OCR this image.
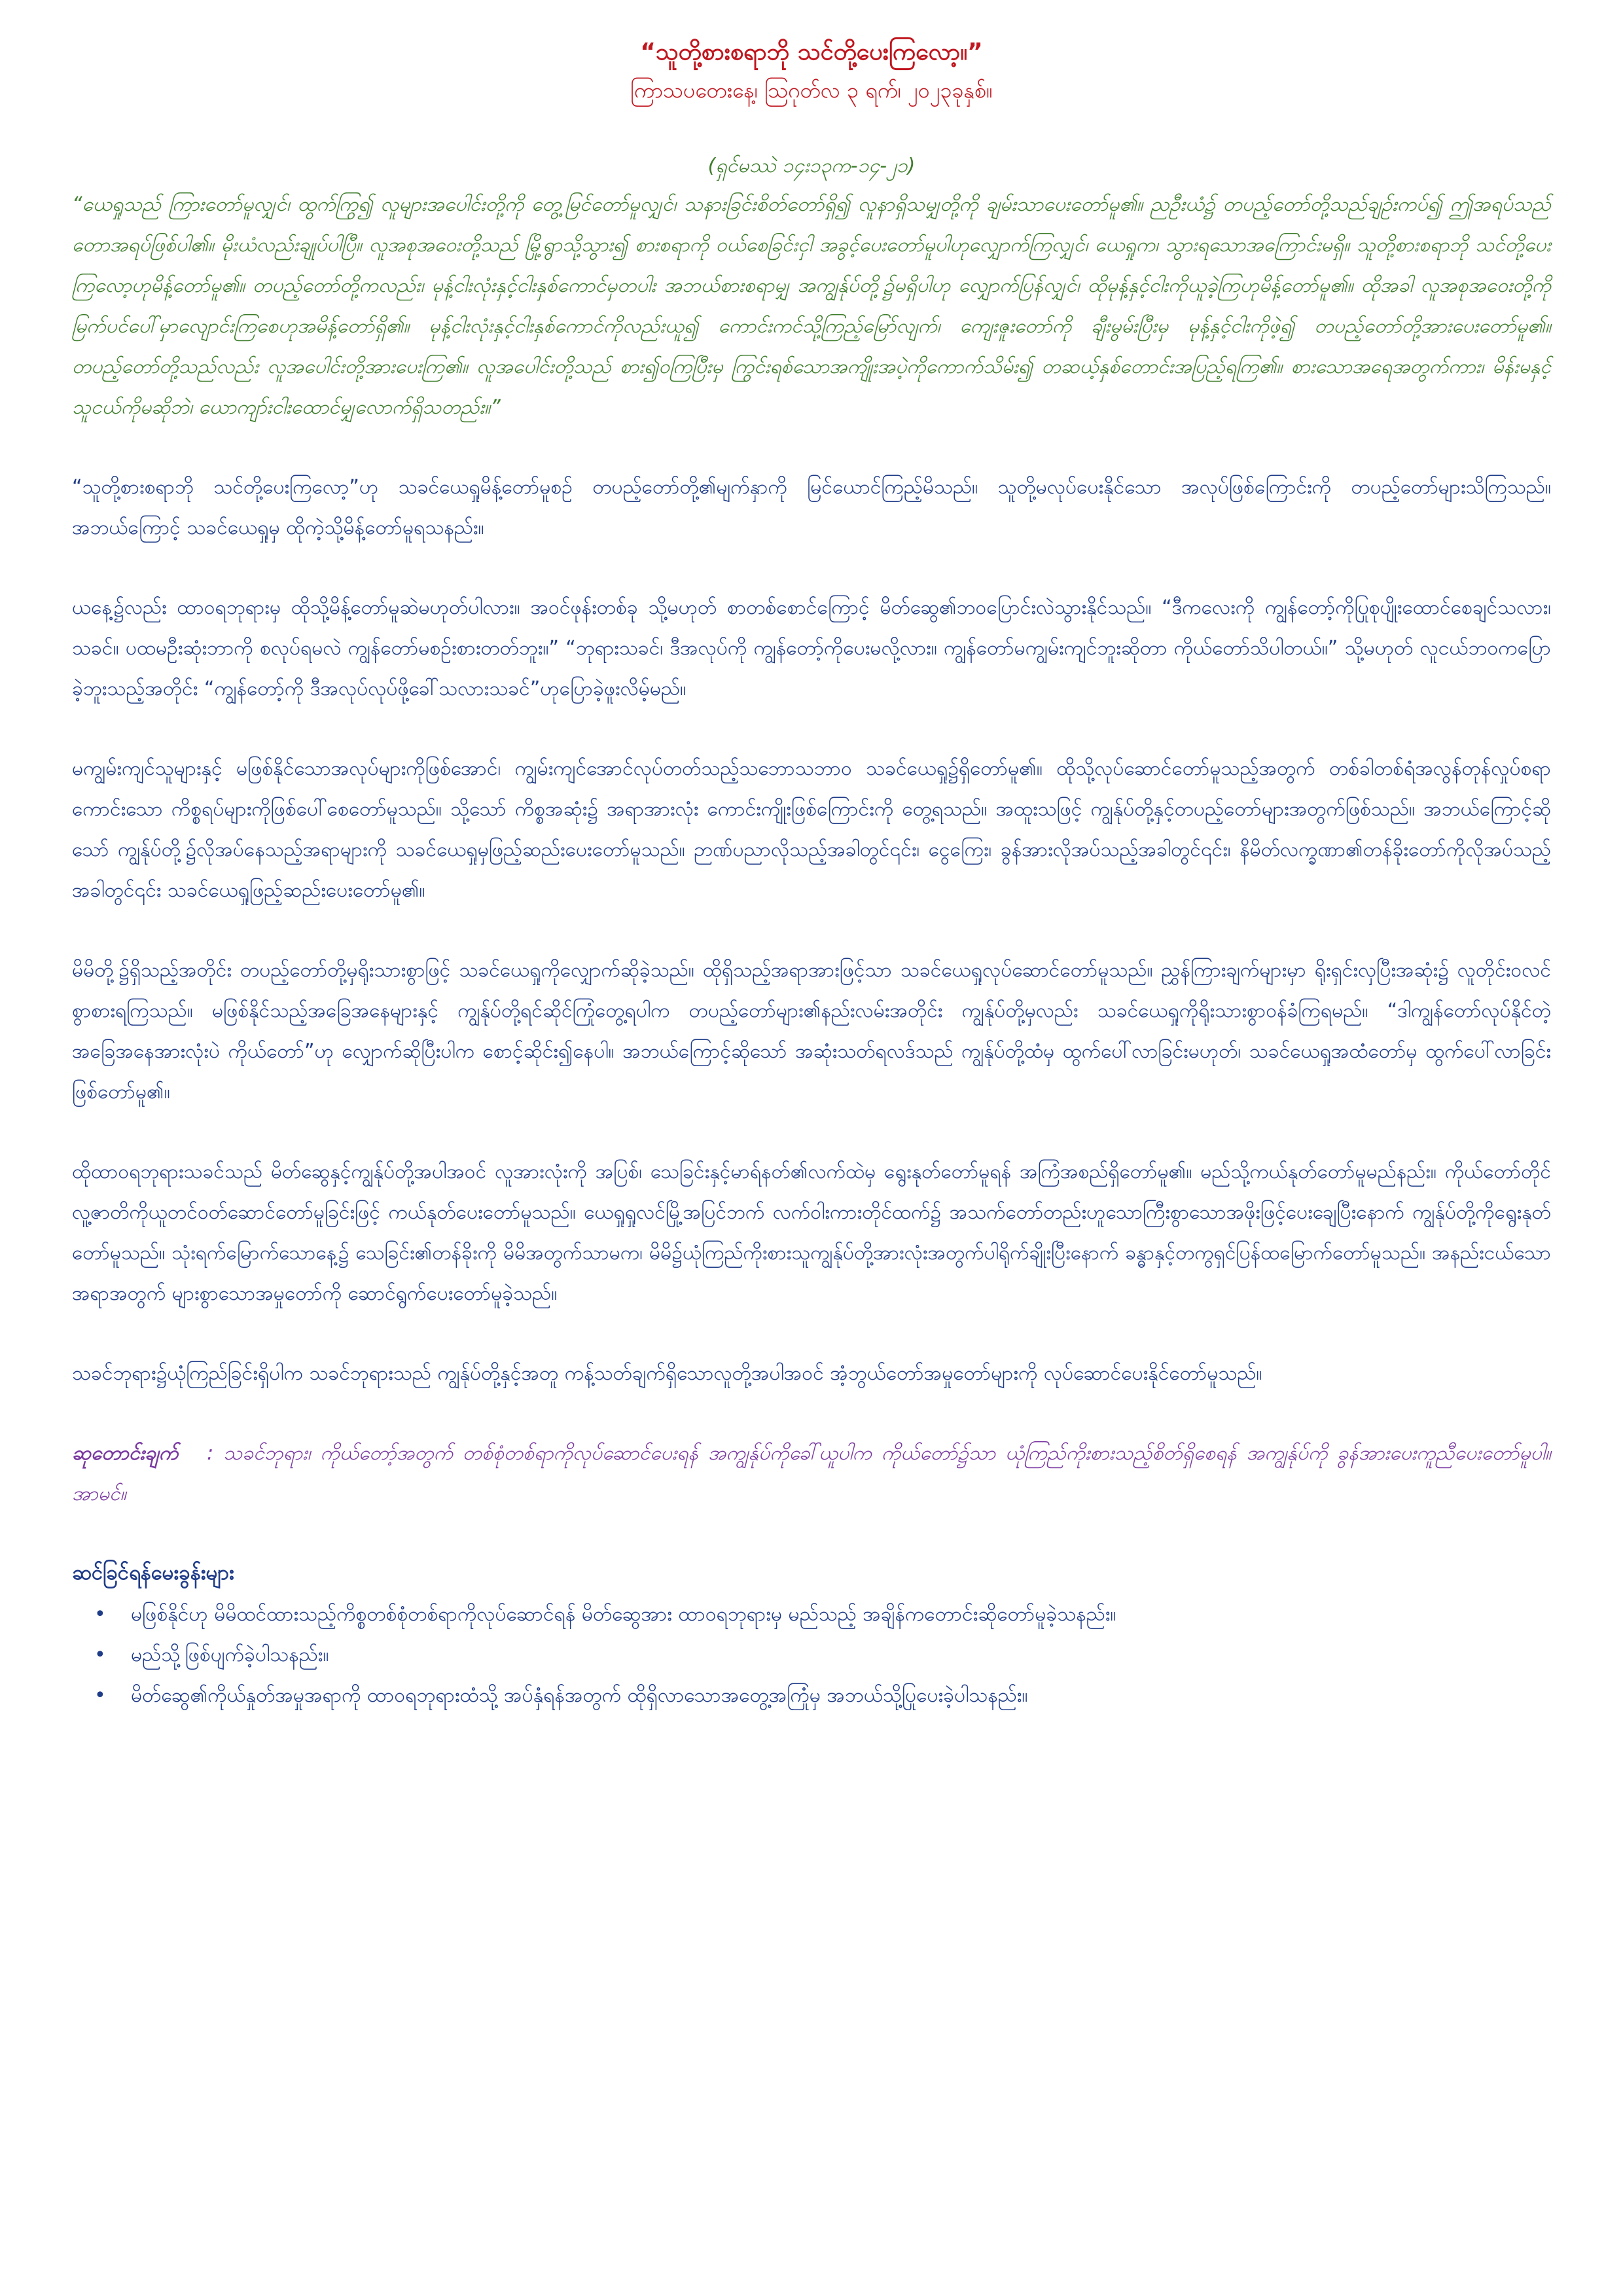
“သူတို့စားစရာဘို သင်တို့ပေးကြလော့။”

ကြာသပတေးနေ့၊ ဩဂုတ်လ ၃ ရက်၊ ၂၀၂၃ခုနှစ်။

(ရှင်မဿဲ ၁၄း၁၃က-၁၄-၂၁)

“ယေရှုသည် ကြားတော်မူလျှင်၊ ထွက်ကြွ၍ လူများအပေါင်းတို့ကို တွေ့မြင်တော်မူလျှင်၊ သနားခြင်းစိတ်တော်ရှိ၍ လူနာရှိသမျှတို့ကို ချမ်းသာပေးတော်မူ၏။ ညဦးယံ၌ တပည့်တော်တို့သည်ချဉ်းကပ်၍ ဤအရပ်သည် တောအရပ်ဖြစ်ပါ၏။ မိုးယံလည်းချုပ်ပါပြီ။ လူအစုအဝေးတို့သည် မြို့ရွာသို့သွား၍ စားစရာကို ဝယ်စေခြင်းငှါ အခွင့်ပေးတော်မူပါဟုလျှောက်ကြလျှင်၊ ယေရှုက၊ သွားရသောအကြောင်းမရှိ။ သူတို့စားစရာဘို သင်တို့ပေးကြလော့ဟုမိန့်တော်မူ၏။ တပည့်တော်တို့ကလည်း၊ မုန့်ငါးလုံးနှင့်ငါးနှစ်ကောင်မှတပါး အဘယ်စားစရာမျှ အကျွန်ုပ်တို့၌မရှိပါဟု လျှောက်ပြန်လျှင်၊ ထိုမုန့်နှင့်ငါးကိုယူခဲ့ကြဟုမိန့်တော်မူ၏။ ထိုအခါ လူအစုအဝေးတို့ကို မြက်ပင်ပေါ်မှာလျောင်းကြစေဟုအမိန့်တော်ရှိ၏။ မုန့်ငါးလုံးနှင့်ငါးနှစ်ကောင်ကိုလည်းယူ၍ ကောင်းကင်သို့ကြည့်မြော်လျက်၊ ကျေးဇူးတော်ကို ချီးမွမ်းပြီးမှ မုန့်နှင့်ငါးကိုဖဲ့၍ တပည့်တော်တို့အားပေးတော်မူ၏။ တပည့်တော်တို့သည်လည်း လူအပေါင်းတို့အားပေးကြ၏။ လူအပေါင်းတို့သည် စား၍ဝကြပြီးမှ ကြွင်းရစ်သောအကျိုးအပဲ့ကိုကောက်သိမ်း၍ တဆယ့်နှစ်တောင်းအပြည့်ရကြ၏။ စားသောအရေအတွက်ကား၊ မိန်းမနှင့်သူငယ်ကိုမဆိုဘဲ၊ ယောကျာ်းငါးထောင်မျှလောက်ရှိသတည်း။”

“သူတို့စားစရာဘို သင်တို့ပေးကြလော့”ဟု သခင်ယေရှုမိန့်တော်မူစဉ် တပည့်တော်တို့၏မျက်နှာကို မြင်ယောင်ကြည့်မိသည်။ သူတို့မလုပ်ပေးနိုင်သော အလုပ်ဖြစ်ကြောင်းကို တပည့်တော်များသိကြသည်။ အဘယ်ကြောင့် သခင်ယေရှုမှ ထိုကဲ့သို့မိန့်တော်မူရသနည်း။

ယနေ့၌လည်း ထာဝရဘုရားမှ ထိုသို့မိန့်တော်မူဆဲမဟုတ်ပါလား။ အဝင်ဖုန်းတစ်ခု သို့မဟုတ် စာတစ်စောင်ကြောင့် မိတ်ဆွေ၏ဘဝပြောင်းလဲသွားနိုင်သည်။ “ဒီကလေးကို ကျွန်တော့်ကိုပြုစုပျိုးထောင်စေချင်သလား၊ သခင်။ ပထမဦးဆုံးဘာကို စလုပ်ရမလဲ ကျွန်တော်မစဉ်းစားတတ်ဘူး။” “ဘုရားသခင်၊ ဒီအလုပ်ကို ကျွန်တော့်ကိုပေးမလို့လား။ ကျွန်တော်မကျွမ်းကျင်ဘူးဆိုတာ ကိုယ်တော်သိပါတယ်။” သို့မဟုတ် လူငယ်ဘဝကပြောခဲ့ဘူးသည့်အတိုင်း “ကျွန်တော့်ကို ဒီအလုပ်လုပ်ဖို့ခေါ်သလားသခင်”ဟုပြောခဲ့ဖူးလိမ့်မည်။

မကျွမ်းကျင်သူများနှင့် မဖြစ်နိုင်သောအလုပ်များကိုဖြစ်အောင်၊ ကျွမ်းကျင်အောင်လုပ်တတ်သည့်သဘောသဘာဝ သခင်ယေရှု၌ရှိတော်မူ၏။ ထိုသို့လုပ်ဆောင်တော်မူသည့်အတွက် တစ်ခါတစ်ရံအလွန်တုန်လှုပ်စရာကောင်းသော ကိစ္စရပ်များကိုဖြစ်ပေါ်စေတော်မူသည်။ သို့သော် ကိစ္စအဆုံး၌ အရာအားလုံး ကောင်းကျိုးဖြစ်ကြောင်းကို တွေ့ရသည်။ အထူးသဖြင့် ကျွန်ုပ်တို့နှင့်တပည့်တော်များအတွက်ဖြစ်သည်။ အဘယ်ကြောင့်ဆိုသော် ကျွန်ုပ်တို့၌လိုအပ်နေသည့်အရာများကို သခင်ယေရှုမှဖြည့်ဆည်းပေးတော်မူသည်။ ဉာဏ်ပညာလိုသည့်အခါတွင်၎င်း၊ ငွေကြေး၊ ခွန်အားလိုအပ်သည့်အခါတွင်၎င်း၊ နိမိတ်လက္ခဏာ၏တန်ခိုးတော်ကိုလိုအပ်သည့်အခါတွင်၎င်း သခင်ယေရှုဖြည့်ဆည်းပေးတော်မူ၏။

မိမိတို့၌ရှိသည့်အတိုင်း တပည့်တော်တို့မှရိုးသားစွာဖြင့် သခင်ယေရှုကိုလျှောက်ဆိုခဲ့သည်။ ထိုရှိသည့်အရာအားဖြင့်သာ သခင်ယေရှုလုပ်ဆောင်တော်မူသည်။ ညွှန်ကြားချက်များမှာ ရိုးရှင်းလှပြီးအဆုံး၌ လူတိုင်းဝလင်စွာစားရကြသည်။ မဖြစ်နိုင်သည့်အခြေအနေများနှင့် ကျွန်ုပ်တို့ရင်ဆိုင်ကြုံတွေ့ရပါက တပည့်တော်များ၏နည်းလမ်းအတိုင်း ကျွန်ုပ်တို့မှလည်း သခင်ယေရှုကိုရိုးသားစွာဝန်ခံကြရမည်။ “ဒါကျွန်တော်လုပ်နိုင်တဲ့ အခြေအနေအားလုံးပဲ ကိုယ်တော်”ဟု လျှောက်ဆိုပြီးပါက စောင့်ဆိုင်း၍နေပါ။ အဘယ်ကြောင့်ဆိုသော် အဆုံးသတ်ရလဒ်သည် ကျွန်ုပ်တို့ထံမှ ထွက်ပေါ်လာခြင်းမဟုတ်၊ သခင်ယေရှုအထံတော်မှ ထွက်ပေါ်လာခြင်းဖြစ်တော်မူ၏။

ထိုထာဝရဘုရားသခင်သည် မိတ်ဆွေနှင့်ကျွန်ုပ်တို့အပါအဝင် လူအားလုံးကို အပြစ်၊ သေခြင်းနှင့်မာရ်နတ်၏လက်ထဲမှ ရွေးနုတ်တော်မူရန် အကြံအစည်ရှိတော်မူ၏။ မည်သို့ကယ်နုတ်တော်မူမည်နည်း။ ကိုယ်တော်တိုင် လူ့ဇာတိကိုယူတင်ဝတ်ဆောင်တော်မူခြင်းဖြင့် ကယ်နုတ်ပေးတော်မူသည်။ ယေရှုရှုလင်မြို့အပြင်ဘက် လက်ဝါးကားတိုင်ထက်၌ အသက်တော်တည်းဟူသောကြီးစွာသောအဖိုးဖြင့်ပေးချေပြီးနောက် ကျွန်ုပ်တို့ကိုရွေးနုတ်တော်မူသည်။ သုံးရက်မြောက်သောနေ့၌ သေခြင်း၏တန်ခိုးကို မိမိအတွက်သာမက၊ မိမိ၌ယုံကြည်ကိုးစားသူကျွန်ုပ်တို့အားလုံးအတွက်ပါရိုက်ချိုးပြီးနောက် ခန္ဓာနှင့်တကွရှင်ပြန်ထမြောက်တော်မူသည်။ အနည်းငယ်သောအရာအတွက် များစွာသောအမှုတော်ကို ဆောင်ရွက်ပေးတော်မူခဲ့သည်။

သခင်ဘုရား၌ယုံကြည်ခြင်းရှိပါက သခင်ဘုရားသည် ကျွန်ုပ်တို့နှင့်အတူ ကန့်သတ်ချက်ရှိသောလူတို့အပါအဝင် အံ့ဘွယ်တော်အမှုတော်များကို လုပ်ဆောင်ပေးနိုင်တော်မူသည်။

ဆုတောင်းချက် : သခင်ဘုရား၊ ကိုယ်တော့်အတွက် တစ်စုံတစ်ရာကိုလုပ်ဆောင်ပေးရန် အကျွန်ုပ်ကိုခေါ်ယူပါက ကိုယ်တော်၌သာ ယုံကြည်ကိုးစားသည့်စိတ်ရှိစေရန် အကျွန်ုပ်ကို ခွန်အားပေးကူညီပေးတော်မူပါ။ အာမင်။

ဆင်ခြင်ရန်မေးခွန်းများ

• မဖြစ်နိုင်ဟု မိမိထင်ထားသည့်ကိစ္စတစ်စုံတစ်ရာကိုလုပ်ဆောင်ရန် မိတ်ဆွေအား ထာဝရဘုရားမှ မည်သည့် အချိန်ကတောင်းဆိုတော်မူခဲ့သနည်း။
• မည်သို့ဖြစ်ပျက်ခဲ့ပါသနည်း။
• မိတ်ဆွေ၏ကိုယ်နှုတ်အမှုအရာကို ထာဝရဘုရားထံသို့ အပ်နှံရန်အတွက် ထိုရှိလာသောအတွေ့အကြုံမှ အဘယ်သို့ပြုပေးခဲ့ပါသနည်း။
